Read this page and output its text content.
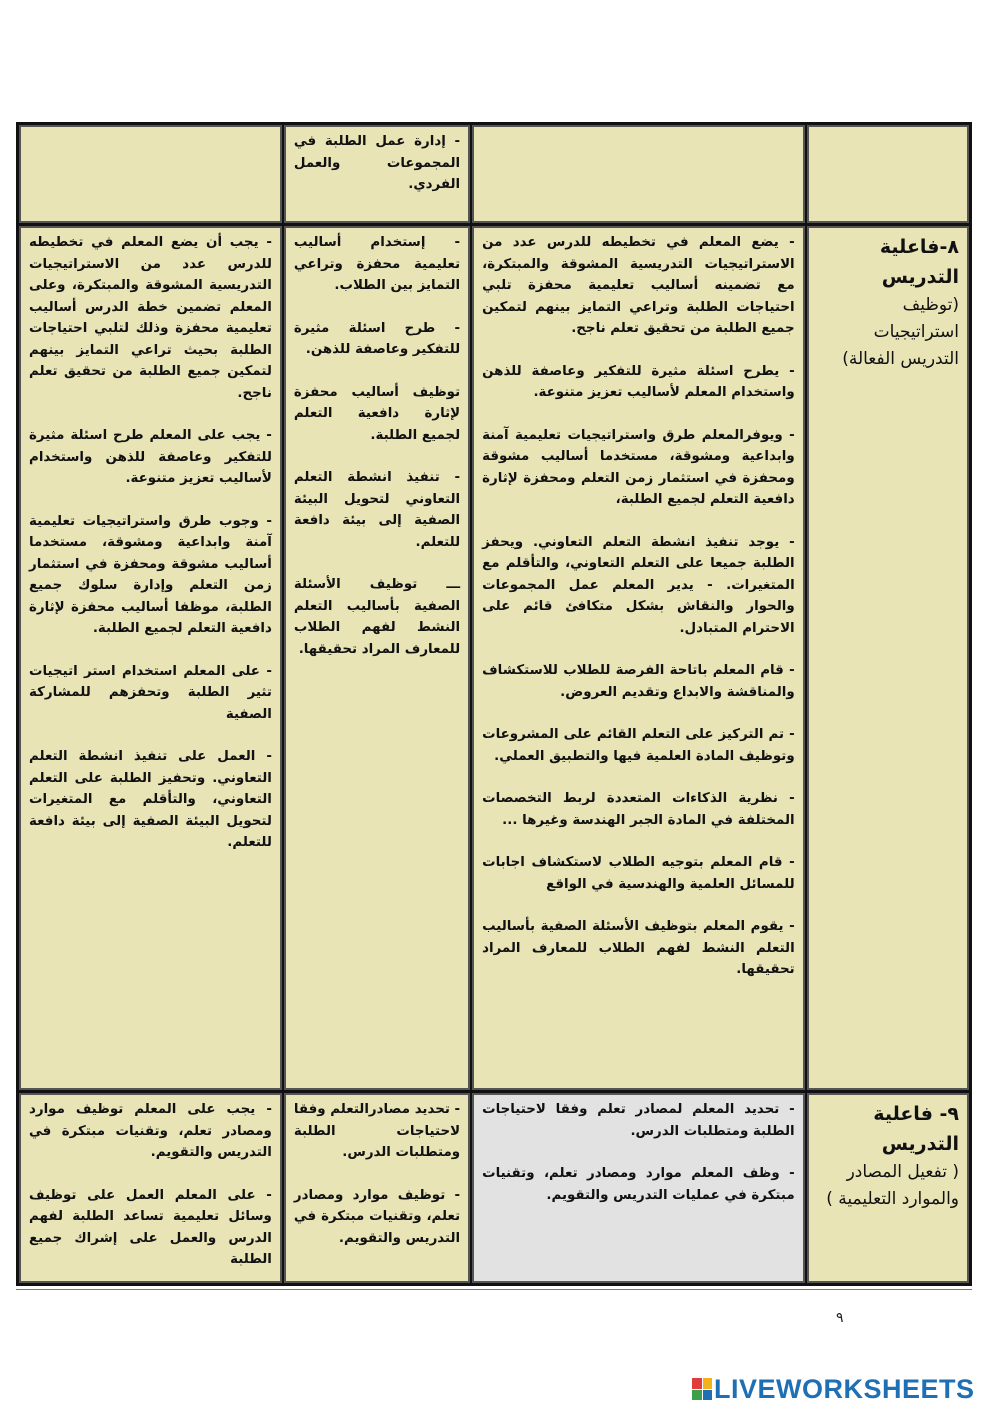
- إدارة عمل الطلبة في المجموعات والعمل الفردي.

٨-فاعلية التدريس
(توظيف استراتيجيات التدريس الفعالة)

- يضع المعلم في تخطيطه للدرس عدد من الاستراتيجيات التدريسية المشوقة والمبتكرة، مع تضمينه أساليب تعليمية محفزة تلبي احتياجات الطلبة وتراعي التمايز بينهم لتمكين جميع الطلبة من تحقيق تعلم ناجح.

- يطرح اسئلة مثيرة للتفكير وعاصفة للذهن واستخدام المعلم لأساليب تعزيز متنوعة.

- ويوفرالمعلم طرق واستراتيجيات تعليمية آمنة وابداعية ومشوقة، مستخدما أساليب مشوقة ومحفزة في استثمار زمن التعلم ومحفزة لإثارة دافعية التعلم لجميع الطلبة،

- يوجد تنفيذ انشطة التعلم التعاوني. ويحفز الطلبة جميعا على التعلم التعاوني، والتأقلم مع المتغيرات. - يدير المعلم عمل المجموعات والحوار والنقاش بشكل متكافئ قائم على الاحترام المتبادل.

- قام المعلم باتاحة الفرصة للطلاب للاستكشاف والمناقشة والابداع وتقديم العروض.

- تم التركيز على التعلم القائم على المشروعات وتوظيف المادة العلمية فيها والتطبيق العملي.

- نظرية الذكاءات المتعددة لربط التخصصات المختلفة في المادة الجبر الهندسة وغيرها ...

- قام المعلم بتوجيه الطلاب لاستكشاف اجابات للمسائل العلمية والهندسية في الواقع

- يقوم المعلم بتوظيف الأسئلة الصفية بأساليب التعلم النشط لفهم الطلاب للمعارف المراد تحقيقها.

- إستخدام أساليب تعليمية محفزة وتراعي التمايز بين الطلاب.

- طرح اسئلة مثيرة للتفكير وعاصفة للذهن.

توظيف أساليب محفزة لإثارة دافعية التعلم لجميع الطلبة.

- تنفيذ انشطة التعلم التعاوني لتحويل البيئة الصفية إلى بيئة دافعة للتعلم.

ـــ توظيف الأسئلة الصفية بأساليب التعلم النشط لفهم الطلاب للمعارف المراد تحقيقها.

- يجب أن يضع المعلم في تخطيطه للدرس عدد من الاستراتيجيات التدريسية المشوقة والمبتكرة، وعلى المعلم تضمين خطة الدرس أساليب تعليمية محفزة وذلك لتلبي احتياجات الطلبة بحيث تراعي التمايز بينهم لتمكين جميع الطلبة من تحقيق تعلم ناجح.

- يجب على المعلم طرح اسئلة مثيرة للتفكير وعاصفة للذهن واستخدام لأساليب تعزيز متنوعة.

- وجوب طرق واستراتيجيات تعليمية آمنة وابداعية ومشوقة، مستخدما أساليب مشوقة ومحفزة في استثمار زمن التعلم وإدارة سلوك جميع الطلبة، موظفا أساليب محفزة لإثارة دافعية التعلم لجميع الطلبة.

- على المعلم استخدام استر اتيجيات تثير الطلبة وتحفزهم للمشاركة الصفية

- العمل على تنفيذ انشطة التعلم التعاوني. وتحفيز الطلبة على التعلم التعاوني، والتأقلم مع المتغيرات لتحويل البيئة الصفية إلى بيئة دافعة للتعلم.

٩- فاعلية التدريس
( تفعيل المصادر والموارد التعليمية )

- تحديد المعلم لمصادر تعلم وفقا لاحتياجات الطلبة ومتطلبات الدرس.

- وظف المعلم موارد ومصادر تعلم، وتقنيات مبتكرة في عمليات التدريس والتقويم.

- تحديد مصادرالتعلم وفقا لاحتياجات الطلبة ومتطلبات الدرس.

- توظيف موارد ومصادر تعلم، وتقنيات مبتكرة في التدريس والتقويم.

- يجب على المعلم توظيف موارد ومصادر تعلم، وتقنيات مبتكرة في التدريس والتقويم.

- على المعلم العمل على توظيف وسائل تعليمية تساعد الطلبة لفهم الدرس والعمل على إشراك جميع الطلبة

٩
LIVEWORKSHEETS
